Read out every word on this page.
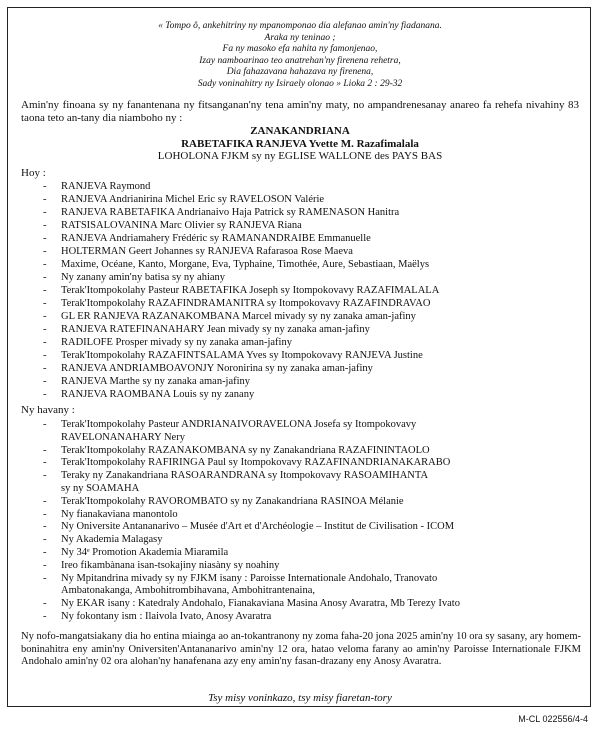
« Tompo ô, ankehitriny ny mpanomponao dia alefanao amin'ny fiadanana.
Araka ny teninao ;
Fa ny masoko efa nahita ny famonjenao,
Izay namboarinao teo anatrehan'ny firenena rehetra,
Dia fahazavana hahazava ny firenena,
Sady voninahitry ny Isiraely olonao » Lioka 2 : 29-32
Amin'ny finoana sy ny fanantenana ny fitsanganan'ny tena amin'ny maty, no ampandrenesanay anareo fa rehefa nivahiny 83 taona teto an-tany dia niamboho ny :
ZANAKANDRIANA
RABETAFIKA RANJEVA Yvette M. Razafimalala
LOHOLONA FJKM sy ny EGLISE WALLONE des PAYS BAS
Hoy :
- RANJEVA Raymond
- RANJEVA Andrianirina Michel Eric sy RAVELOSON Valérie
- RANJEVA RABETAFIKA Andrianaivo Haja Patrick sy RAMENASON Hanitra
- RATSISALOVANINA Marc Olivier sy RANJEVA Riana
- RANJEVA Andriamahery Frédéric sy RAMANANDRAIBE Emmanuelle
- HOLTERMAN Geert Johannes sy RANJEVA Rafarasoa Rose Maeva
- Maxime, Océane, Kanto, Morgane, Eva, Typhaine, Timothée, Aure, Sebastiaan, Maëlys
- Ny zanany amin'ny batisa sy ny ahiany
- Terak'Itompokolahy Pasteur RABETAFIKA Joseph sy Itompokovavy RAZAFIMALALA
- Terak'Itompokolahy RAZAFINDRAMANITRA sy Itompokovavy RAZAFINDRAVAO
- GL ER RANJEVA RAZANAKOMBANA Marcel mivady sy ny zanaka aman-jafiny
- RANJEVA RATEFINANAHARY Jean mivady sy ny zanaka aman-jafiny
- RADILOFE Prosper mivady sy ny zanaka aman-jafiny
- Terak'Itompokolahy RAZAFINTSALAMA Yves sy Itompokovavy RANJEVA Justine
- RANJEVA ANDRIAMBOAVONJY Noronirina sy ny zanaka aman-jafiny
- RANJEVA Marthe sy ny zanaka aman-jafiny
- RANJEVA RAOMBANA Louis sy ny zanany
Ny havany :
- Terak'Itompokolahy Pasteur ANDRIANAIVORAVELONA Josefa sy Itompokovavy
RAVELONANAHARY Nery
- Terak'Itompokolahy RAZANAKOMBANA sy ny Zanakandriana RAZAFININTAOLO
- Terak'Itompokolahy RAFIRINGA Paul sy Itompokovavy RAZAFINANDRIANAKARABO
- Teraky ny Zanakandriana RASOARANDRANA sy Itompokovavy RASOAMIHANTA
sy ny SOAMAHA
- Terak'Itompokolahy RAVOROMBATO sy ny Zanakandriana RASINOA Mélanie
- Ny fianakaviana manontolo
- Ny Oniversite Antananarivo – Musée d'Art et d'Archéologie – Institut de Civilisation - ICOM
- Ny Akademia Malagasy
- Ny 34ᵉ Promotion Akademia Miaramila
- Ireo fikambànana isan-tsokajiny niasàny sy noahiny
- Ny Mpitandrina mivady sy ny FJKM isany : Paroisse Internationale Andohalo, Tranovato
Ambatonakanga, Ambohitrombihavana, Ambohitrantenaina,
- Ny EKAR isany : Katedraly Andohalo, Fianakaviana Masina Anosy Avaratra, Mb Terezy Ivato
- Ny fokontany ism : Ilaivola Ivato, Anosy Avaratra
Ny nofo-mangatsiakany dia ho entina miainga ao an-tokantranony ny zoma faha-20 jona 2025 amin'ny 10 ora sy sasany, ary homem-boninahitra eny amin'ny Oniversiten'Antananarivo amin'ny 12 ora, hatao veloma farany ao amin'ny Paroisse Internationale FJKM Andohalo amin'ny 02 ora alohan'ny hanafenana azy eny amin'ny fasan-drazany eny Anosy Avaratra.
Tsy misy voninkazo, tsy misy fiaretan-tory
M-CL 022556/4-4
